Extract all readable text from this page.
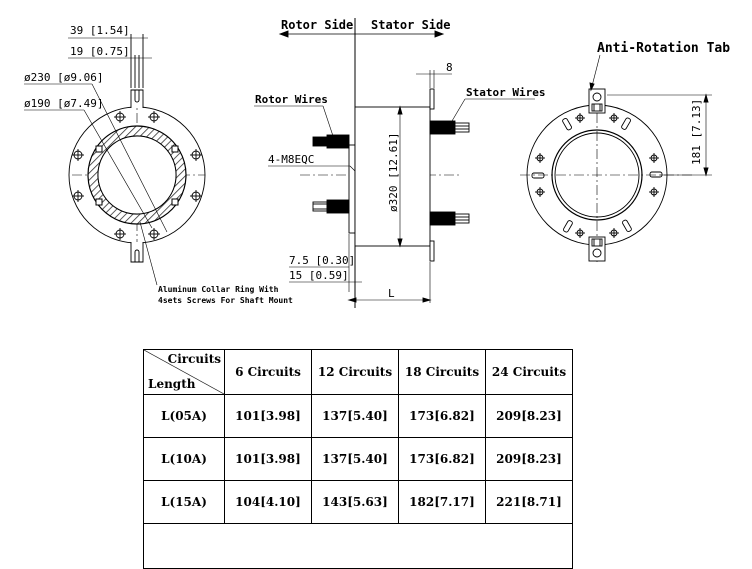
39 [1.54]
19 [0.75]
ø230 [ø9.06]
ø190 [ø7.49]
Aluminum Collar Ring With
4sets Screws For Shaft Mount
Rotor Side Stator Side
Rotor Wires
Stator Wires
4-M8EQC
8
ø320 [12.61]
7.5 [0.30]
15 [0.59]
L
Anti-Rotation Tab
181 [7.13]
Circuits
Length	6 Circuits	12 Circuits	18 Circuits	24 Circuits
L(05A)	101[3.98]	137[5.40]	173[6.82]	209[8.23]
L(10A)	101[3.98]	137[5.40]	173[6.82]	209[8.23]
L(15A)	104[4.10]	143[5.63]	182[7.17]	221[8.71]
